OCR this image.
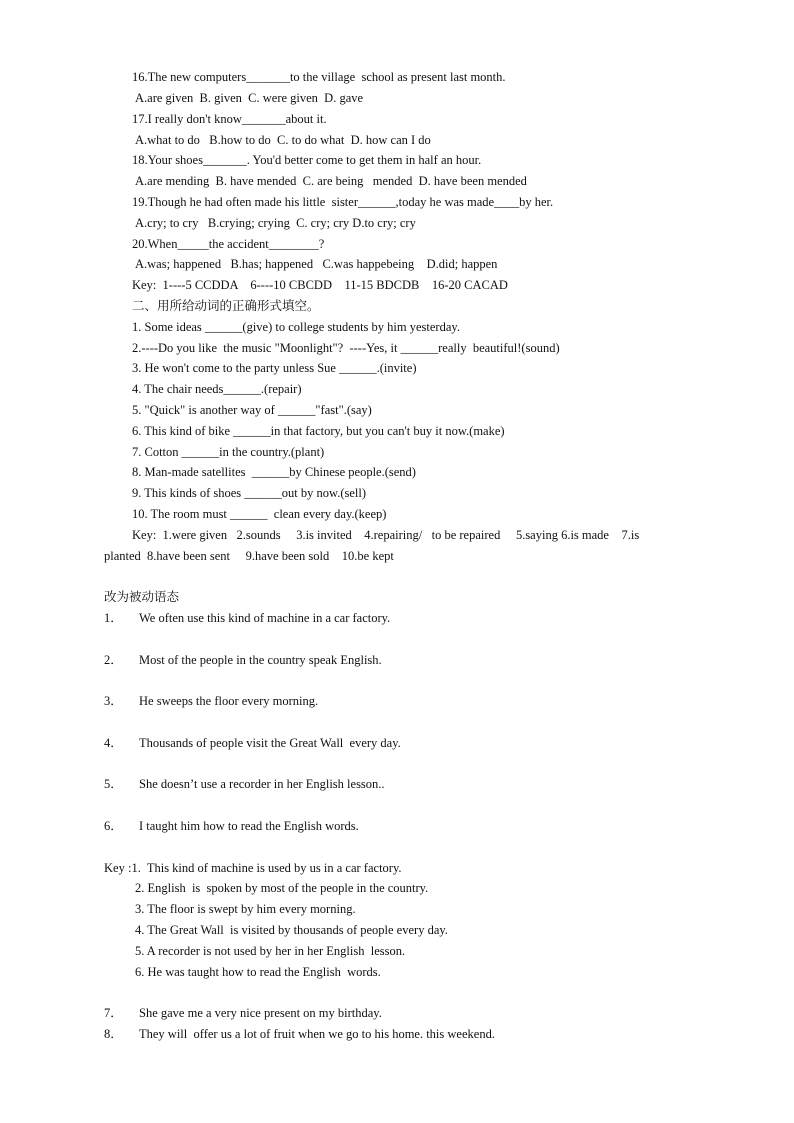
16.The new computers_______to the village  school as present last month.
A.are given  B. given  C. were given  D. gave
17.I really don't know_______about it.
A.what to do   B.how to do  C. to do what  D. how can I do
18.Your shoes_______. You'd better come to get them in half an hour.
A.are mending  B. have mended  C. are being   mended  D. have been mended
19.Though he had often made his little  sister______,today he was made____by her.
A.cry; to cry   B.crying; crying  C. cry; cry D.to cry; cry
20.When_____the accident________?
A.was; happened   B.has; happened   C.was happebeing    D.did; happen
Key:  1----5 CCDDA    6----10 CBCDD    11-15 BDCDB    16-20 CACAD
二、用所给动词的正确形式填空。
1. Some ideas ______(give) to college students by him yesterday.
2.----Do you like  the music "Moonlight"?  ----Yes, it ______really  beautiful!(sound)
3. He won't come to the party unless Sue ______.(invite)
4. The chair needs______.(repair)
5. "Quick" is another way of ______"fast".(say)
6. This kind of bike ______in that factory, but you can't buy it now.(make)
7. Cotton ______in the country.(plant)
8. Man-made satellites  ______by Chinese people.(send)
9. This kinds of shoes ______out by now.(sell)
10. The room must ______  clean every day.(keep)
Key:  1.were given   2.sounds     3.is invited    4.repairing/   to be repaired     5.saying 6.is made    7.is
planted  8.have been sent     9.have been sold    10.be kept
改为被动语态
1． We often use this kind of machine in a car factory.
2． Most of the people in the country speak English.
3． He sweeps the floor every morning.
4． Thousands of people visit the Great Wall  every day.
5． She doesn’t use a recorder in her English lesson..
6． I taught him how to read the English words.
Key :1.  This kind of machine is used by us in a car factory.
2. English  is  spoken by most of the people in the country.
3. The floor is swept by him every morning.
4. The Great Wall  is visited by thousands of people every day.
5. A recorder is not used by her in her English  lesson.
6. He was taught how to read the English  words.
7． She gave me a very nice present on my birthday.
8． They will  offer us a lot of fruit when we go to his home. this weekend.
